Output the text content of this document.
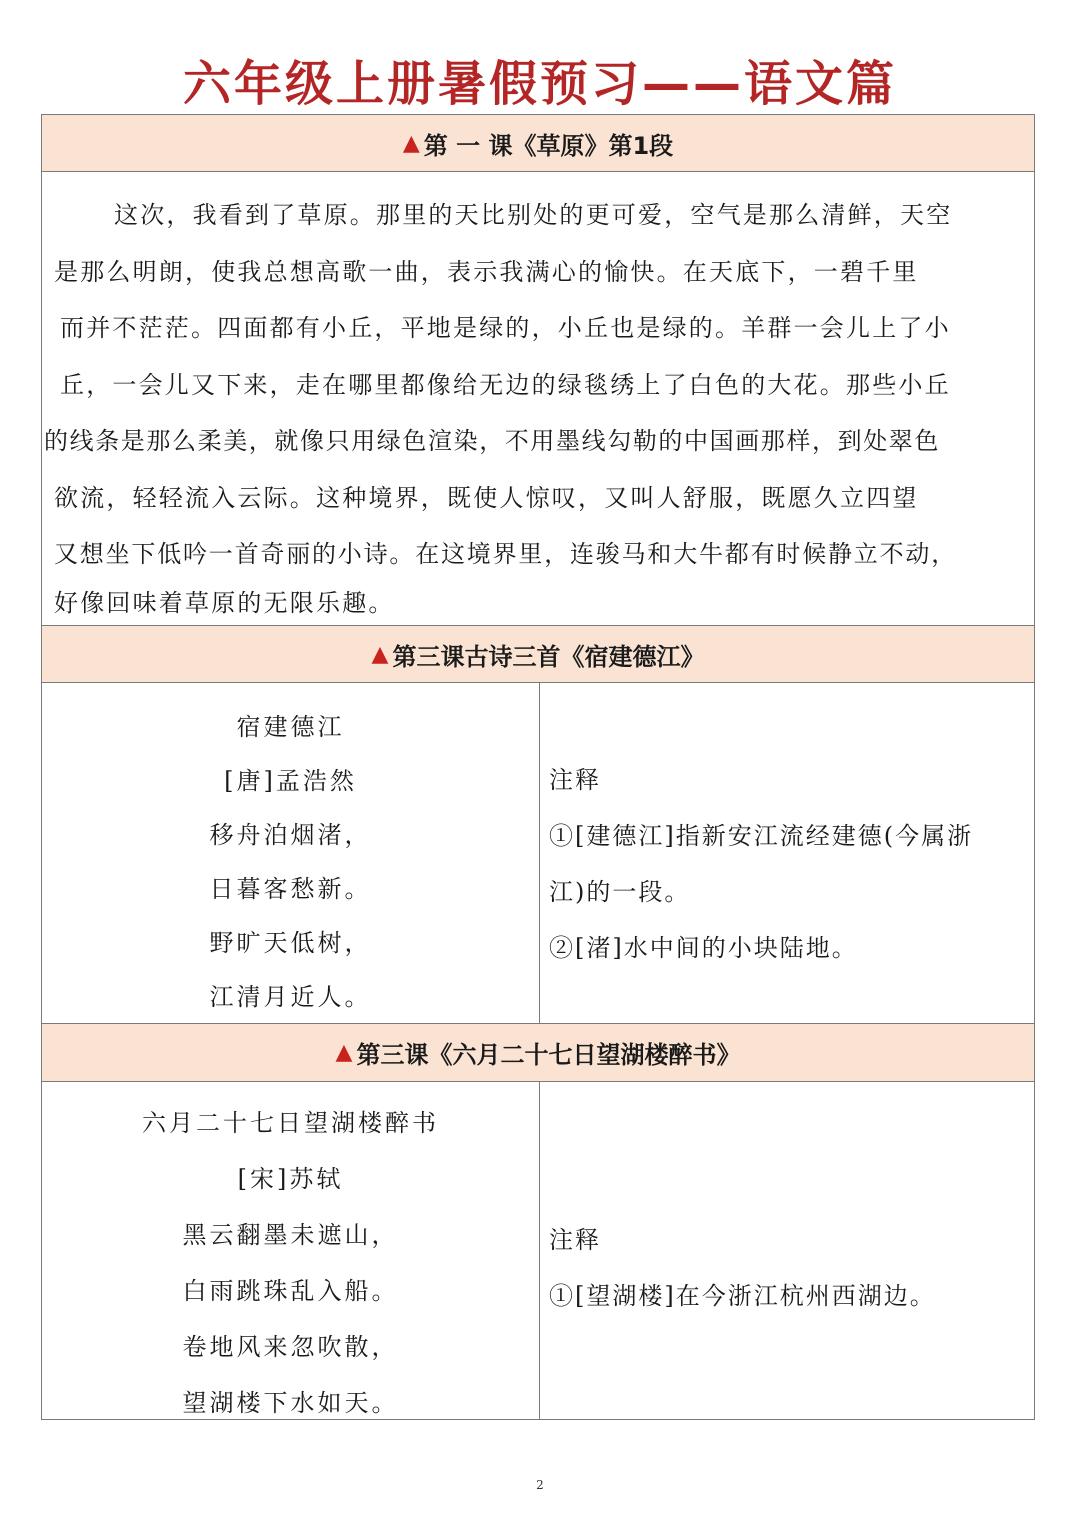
六年级上册暑假预习——语文篇
▲ 第 一 课《草原》第1段
这次，我看到了草原。那里的天比别处的更可爱，空气是那么清鲜，天空
是那么明朗，使我总想高歌一曲，表示我满心的愉快。在天底下，一碧千里
而并不茫茫。四面都有小丘，平地是绿的，小丘也是绿的。羊群一会儿上了小
丘，一会儿又下来，走在哪里都像给无边的绿毯绣上了白色的大花。那些小丘
的线条是那么柔美，就像只用绿色渲染，不用墨线勾勒的中国画那样，到处翠色
欲流，轻轻流入云际。这种境界，既使人惊叹，又叫人舒服，既愿久立四望
又想坐下低吟一首奇丽的小诗。在这境界里，连骏马和大牛都有时候静立不动，
好像回味着草原的无限乐趣。
▲ 第三课古诗三首《宿建德江》
宿建德江
[唐]孟浩然
移舟泊烟渚，
日暮客愁新。
野旷天低树，
江清月近人。
注释
①[建德江]指新安江流经建德(今属浙
江)的一段。
②[渚]水中间的小块陆地。
▲ 第三课《六月二十七日望湖楼醉书》
六月二十七日望湖楼醉书
[宋]苏轼
黑云翻墨未遮山，
白雨跳珠乱入船。
卷地风来忽吹散，
望湖楼下水如天。
注释
①[望湖楼]在今浙江杭州西湖边。
2
